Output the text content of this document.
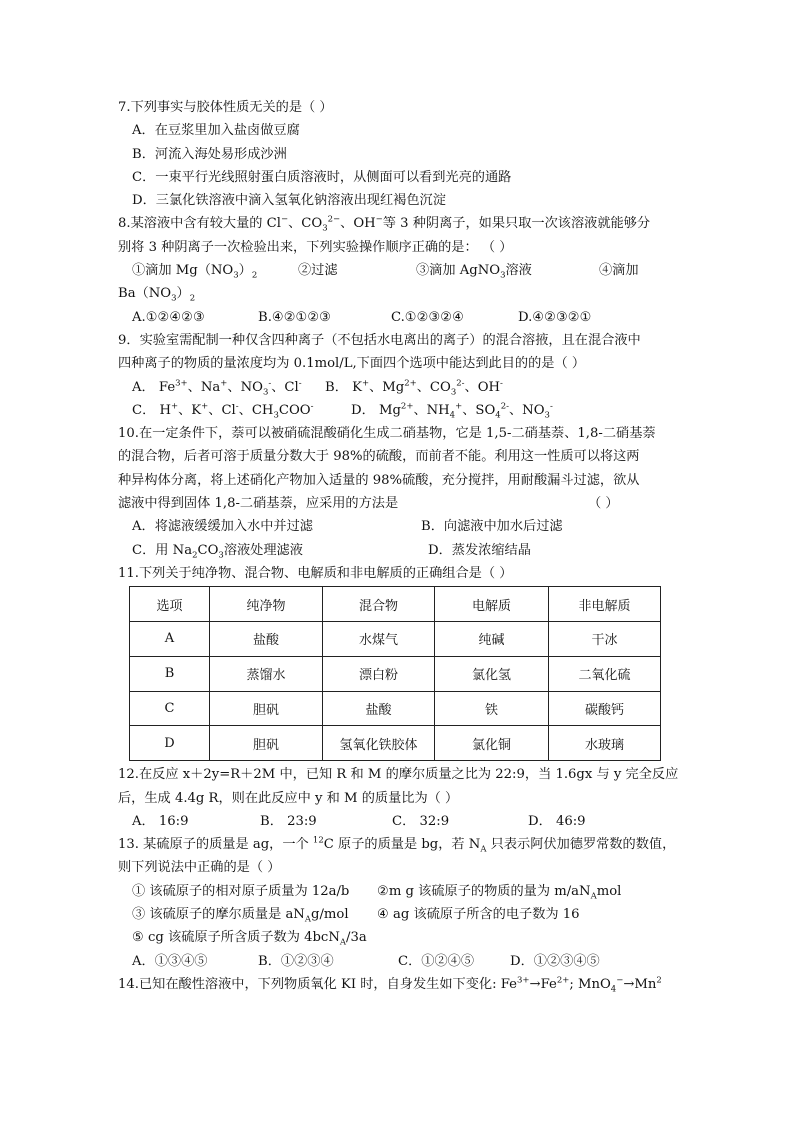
7.下列事实与胶体性质无关的是（ ）
A．在豆浆里加入盐卤做豆腐
B．河流入海处易形成沙洲
C．一束平行光线照射蛋白质溶液时，从侧面可以看到光亮的通路
D．三氯化铁溶液中滴入氢氧化钠溶液出现红褐色沉淀
8.某溶液中含有较大量的 Cl−、$CO_3^{2-}$、OH−等 3 种阴离子，如果只取一次该溶液就能够分
别将 3 种阴离子一次检验出来，下列实验操作顺序正确的是： （ ）
①滴加 $Mg(NO_3)_2$	②过滤	③滴加 AgNO$_3$溶液	④滴加
$Ba(NO_3)_2$
A.①②④②③	B.④②①②③	C.①②③②④	D.④②③②①
9．实验室需配制一种仅含四种离子（不包括水电离出的离子）的混合溶掖，且在混合液中
四种离子的物质的量浓度均为 0.1mol/L,下面四个选项中能达到此目的的是（ ）
A． $Fe^{3+}$、Na+、$NO_3^-$、Cl-	B． K+、$Mg^{2+}$、$CO_3^{2-}$、OH-
C． H+、K+、Cl-、$CH_3COO^-$	D． $Mg^{2+}$、$NH_4^+$、$SO_4^{2-}$、$NO_3^-$
10.在一定条件下，萘可以被硝硫混酸硝化生成二硝基物，它是 1,5-二硝基萘、1,8-二硝基萘
的混合物，后者可溶于质量分数大于 98%的硫酸，而前者不能。利用这一性质可以将这两
种异构体分离，将上述硝化产物加入适量的 98%硫酸，充分搅拌，用耐酸漏斗过滤，欲从
滤液中得到固体 1,8-二硝基萘，应采用的方法是	（ ）
A．将滤液缓缓加入水中并过滤	B．向滤液中加水后过滤
C．用 $Na_2CO_3$溶液处理滤液	D．蒸发浓缩结晶
11.下列关于纯净物、混合物、电解质和非电解质的正确组合是（ ）
选项	纯净物	混合物	电解质	非电解质
A	盐酸	水煤气	纯碱	干冰
B	蒸馏水	漂白粉	氯化氢	二氧化硫
C	胆矾	盐酸	铁	碳酸钙
D	胆矾	氢氧化铁胶体	氯化铜	水玻璃
12.在反应 x＋2y=R＋2M 中，已知 R 和 M 的摩尔质量之比为 22:9，当 1.6gx 与 y 完全反应
后，生成 4.4g R，则在此反应中 y 和 M 的质量比为（ ）
A． 16:9	B． 23:9	C． 32:9	D． 46:9
13. 某硫原子的质量是 ag，一个 $^{12}$C 原子的质量是 bg，若 $N_A$ 只表示阿伏加德罗常数的数值，
则下列说法中正确的是（ ）
① 该硫原子的相对原子质量为 12a/b	②m g 该硫原子的物质的量为 $m/aN_Amol$
③ 该硫原子的摩尔质量是 $aN_Ag$/mol	④ ag 该硫原子所含的电子数为 16
⑤ cg 该硫原子所含质子数为 4bcN$_A$/3a
A．①③④⑤	B．①②③④	C．①②④⑤	D．①②③④⑤
14.已知在酸性溶液中，下列物质氧化 KI 时，自身发生如下变化: $Fe^{3+}\to Fe^{2+}$; $MnO_4^-\to Mn^2$
